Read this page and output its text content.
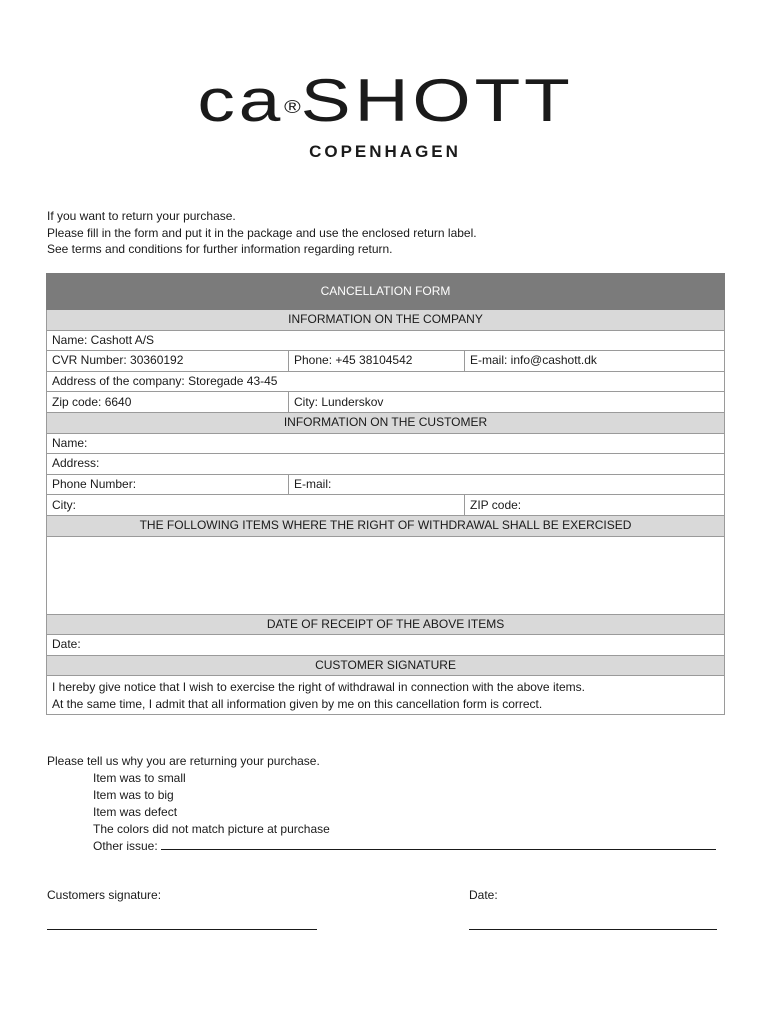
ca®SHOTT
COPENHAGEN
If you want to return your purchase.
Please fill in the form and put it in the package and use the enclosed return label.
See terms and conditions for further information regarding return.
CANCELLATION FORM		
INFORMATION ON THE COMPANY		
Name: Cashott A/S		
CVR Number: 30360192	Phone: +45 38104542	E-mail: info@cashott.dk
Address of the company: Storegade 43-45		
Zip code: 6640	City: Lunderskov	
INFORMATION ON THE CUSTOMER		
Name:		
Address:		
Phone Number:	E-mail:	
City:		ZIP code:
THE FOLLOWING ITEMS WHERE THE RIGHT OF WITHDRAWAL SHALL BE EXERCISED		

DATE OF RECEIPT OF THE ABOVE ITEMS		
Date:		
CUSTOMER SIGNATURE		

I hereby give notice that I wish to exercise the right of withdrawal in connection with the above items.
At the same time, I admit that all information given by me on this cancellation form is correct.		
Please tell us why you are returning your purchase.
Item was to small
Item was to big
Item was defect
The colors did not match picture at purchase
Other issue:
Customers signature:	Date:
